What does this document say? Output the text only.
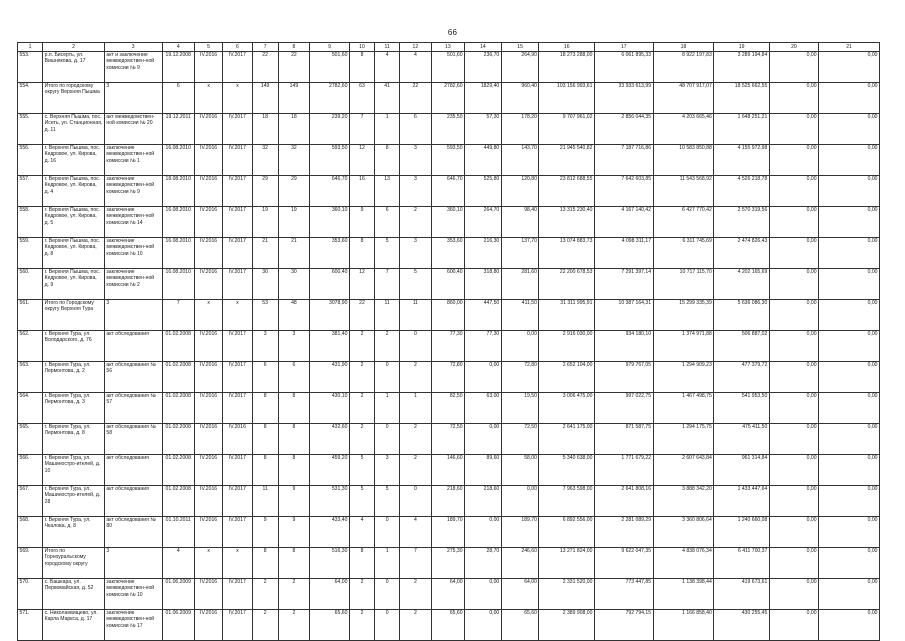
66
1	2	3	4	5	6	7	8	9	10	11	12	13	14	15	16	17	18	19	20	21
553.	р.п. Бисерть, ул. Вишнякова, д. 17	акт и заключение межведомствен-ной комиссии № 9	19.12.2008	IV.2016	IV.2017	22	22	501,60	8	4	4	501,60	236,70	264,90	18 273 288,00	6 061 895,33	8 922 197,83	3 289 194,84	0,00	0,00
554.	Итого по городскому округу Верхняя Пышма	3	6	x	x	149	149	2782,60	63	41	22	2782,60	1829,40	960,40	103 156 993,61	33 933 613,99	48 707 917,07	18 525 662,55	0,00	0,00
555.	с. Верхняя Пышма, пос. Исеть, ул. Станционная, д. 11	акт межведомствен-ной комиссии № 20	19.12.2011	IV.2016	IV.2017	18	18	239,20	7	1	6	235,50	57,30	178,20	9 707 961,02	2 856 044,35	4 203 665,46	1 648 251,21	0,00	0,00
556.	г. Верхняя Пышма, пос. Кедровое, ул. Кирова, д. 16	заключение межведомствен-ной комиссии № 1	16.08.2010	IV.2016	IV.2017	32	32	593,50	12	8	3	593,50	449,80	143,70	21 945 540,82	7 187 716,86	10 583 850,88	4 155 972,98	0,00	0,00
557.	г. Верхняя Пышма, пос. Кедровое, ул. Кирова, д. 4	заключение межведомствен-ной комиссии № 9	18.08.2010	IV.2016	IV.2017	29	29	646,70	16	13	3	646,70	525,80	120,80	23 812 688,55	7 642 603,85	11 543 568,92	4 526 218,78	0,00	0,00
558.	г. Верхняя Пышма, пос. Кедровое, ул. Кирова, д. 5	заключение межведомствен-ной комиссии № 14	16.08.2010	IV.2016	IV.2017	19	19	360,10	9	6	2	360,10	264,70	98,40	13 315 230,40	4 167 140,42	6 427 770,42	2 570 319,56	0,00	0,00
559.	г. Верхняя Пышма, пос. Кедровое, ул. Кирова, д. 8	заключение межведомствен-ной комиссии № 10	16.08.2010	IV.2016	IV.2017	21	21	353,60	8	5	3	353,60	216,30	137,70	13 074 883,73	4 098 311,17	6 311 745,69	2 474 826,43	0,00	0,00
560.	г. Верхняя Пышма, пос. Кедровое, ул. Кирова, д. 9	заключение межведомствен-ной комиссии № 2	16.08.2010	IV.2016	IV.2017	30	30	600,40	12	7	5	600,40	318,80	281,60	22 200 678,53	7 291 397,14	10 717 115,70	4 202 165,69	0,00	0,00
561.	Итого по Городскому округу Верхняя Тура	3	7	x	x	53	48	3078,90	22	11	11	860,00	447,50	411,50	31 311 995,91	10 387 164,31	15 299 335,39	5 636 086,30	0,00	0,00
562.	г. Верхняя Тура, ул. Володарского, д. 76	акт обследования	01.02.2008	IV.2016	IV.2017	3	3	381,40	2	2	0	77,30	77,30	0,00	2 916 030,00	934 180,10	1 374 971,88	506 887,02	0,00	0,00
563.	г. Верхняя Тура, ул. Лермонтова, д. 2	акт обследования № 56	01.02.2008	IV.2016	IV.2017	6	6	431,90	2	0	2	72,80	0,00	72,80	2 652 104,00	979 767,05	1 294 909,23	477 379,72	0,00	0,00
564.	г. Верхняя Тура, ул. Лермонтова, д. 3	акт обследования № 57	01.02.2008	IV.2016	IV.2017	8	8	430,10	2	1	1	82,50	63,00	19,50	3 006 475,00	997 022,75	1 467 498,75	541 953,50	0,00	0,00
565.	г. Верхняя Тура, ул. Лермонтова, д. 8	акт обследования № 58	01.02.2008	IV.2016	IV.2016	8	8	432,60	2	0	2	72,50	0,00	72,50	2 641 175,00	871 587,75	1 294 175,75	475 411,50	0,00	0,00
566.	г. Верхняя Тура, ул. Машиностро-ителей, д. 10	акт обследования	01.02.2008	IV.2016	IV.2017	8	8	459,20	5	3	2	146,60	89,60	58,00	5 340 638,00	1 771 679,22	2 607 643,84	961 314,84	0,00	0,00
567.	г. Верхняя Тура, ул. Машиностро-ителей, д. 28	акт обследования	01.02.2008	IV.2016	IV.2017	11	9	531,30	5	5	0	218,60	218,60	0,00	7 963 598,00	2 641 808,16	3 888 342,20	1 433 447,64	0,00	0,00
568.	г. Верхняя Тура, ул. Чкалова, д. 8	акт обследования № 80	01.10.2011	IV.2016	IV.2017	9	9	433,40	4	0	4	189,70	0,00	189,70	6 892 556,00	2 281 089,29	3 360 806,64	1 240 660,08	0,00	0,00
569.	Итого по Горноуральскому городскому округу	3	4	x	x	8	8	516,30	8	1	7	275,30	28,70	246,60	13 271 824,00	9 622 047,35	4 838 076,34	6 411 700,37	0,00	0,00
570.	с. Башкара, ул. Первомайская, д. 52	заключение межведомствен-ной комиссии № 10	01.06.2009	IV.2016	IV.2017	2	2	64,00	2	0	2	64,00	0,00	64,00	2 331 520,00	773 447,85	1 138 398,44	419 673,61	0,00	0,00
571.	с. Николаевищево, ул. Карла Маркса, д. 17	заключение межведомствен-ной комиссии № 17	01.06.2009	IV.2016	IV.2017	2	2	65,60	2	0	2	65,60	0,00	65,60	2 389 908,00	792 794,15	1 166 858,40	430 255,45	0,00	0,00
